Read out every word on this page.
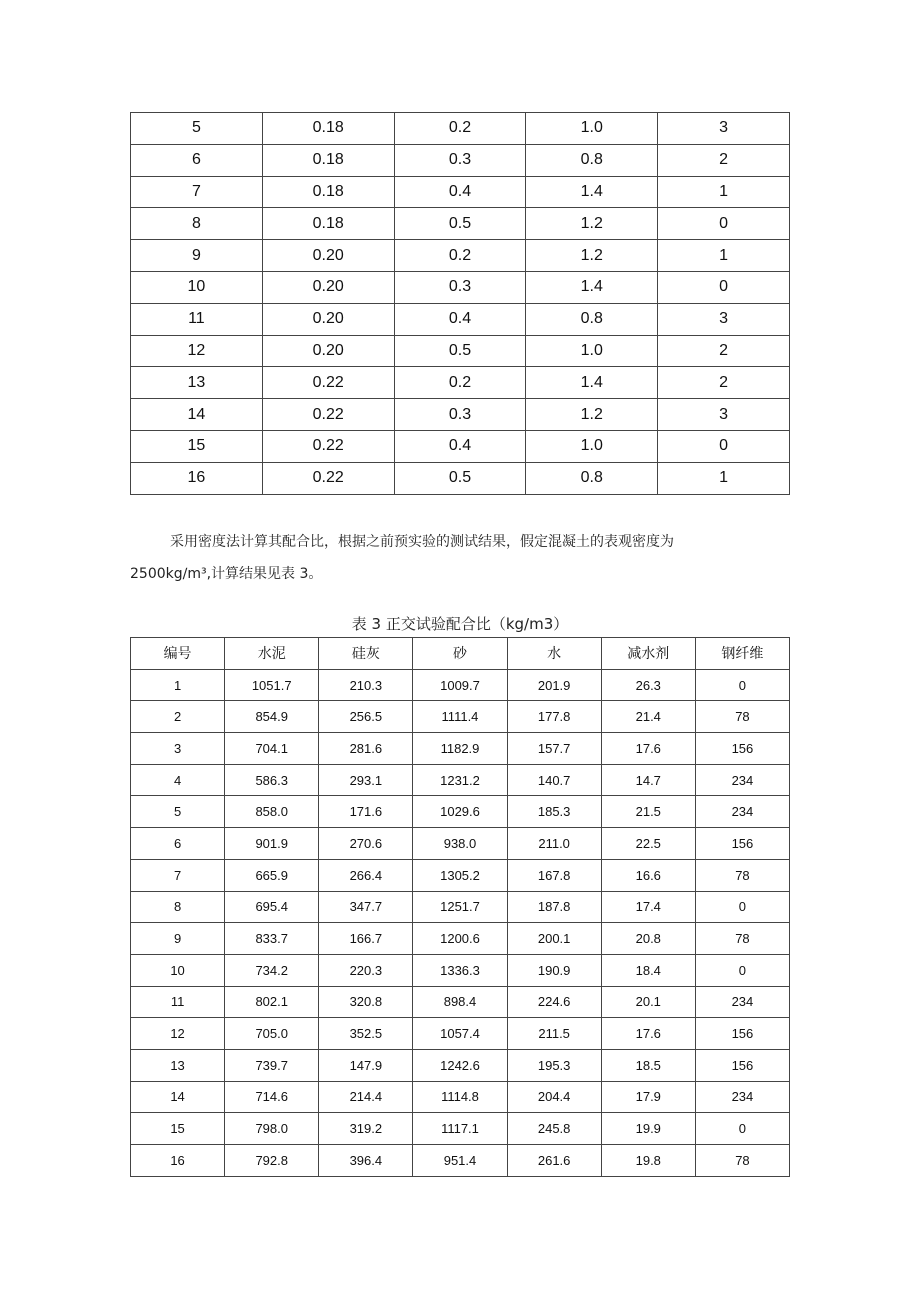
5	0.18	0.2	1.0	3
6	0.18	0.3	0.8	2
7	0.18	0.4	1.4	1
8	0.18	0.5	1.2	0
9	0.20	0.2	1.2	1
10	0.20	0.3	1.4	0
11	0.20	0.4	0.8	3
12	0.20	0.5	1.0	2
13	0.22	0.2	1.4	2
14	0.22	0.3	1.2	3
15	0.22	0.4	1.0	0
16	0.22	0.5	0.8	1
采用密度法计算其配合比，根据之前预实验的测试结果，假定混凝土的表观密度为
2500kg∕m³,计算结果见表 3。
表 3 正交试验配合比（kg∕m3）
编号	水泥	硅灰	砂	水	减水剂	钢纤维
1	1051.7	210.3	1009.7	201.9	26.3	0
2	854.9	256.5	1111.4	177.8	21.4	78
3	704.1	281.6	1182.9	157.7	17.6	156
4	586.3	293.1	1231.2	140.7	14.7	234
5	858.0	171.6	1029.6	185.3	21.5	234
6	901.9	270.6	938.0	211.0	22.5	156
7	665.9	266.4	1305.2	167.8	16.6	78
8	695.4	347.7	1251.7	187.8	17.4	0
9	833.7	166.7	1200.6	200.1	20.8	78
10	734.2	220.3	1336.3	190.9	18.4	0
11	802.1	320.8	898.4	224.6	20.1	234
12	705.0	352.5	1057.4	211.5	17.6	156
13	739.7	147.9	1242.6	195.3	18.5	156
14	714.6	214.4	1114.8	204.4	17.9	234
15	798.0	319.2	1117.1	245.8	19.9	0
16	792.8	396.4	951.4	261.6	19.8	78
